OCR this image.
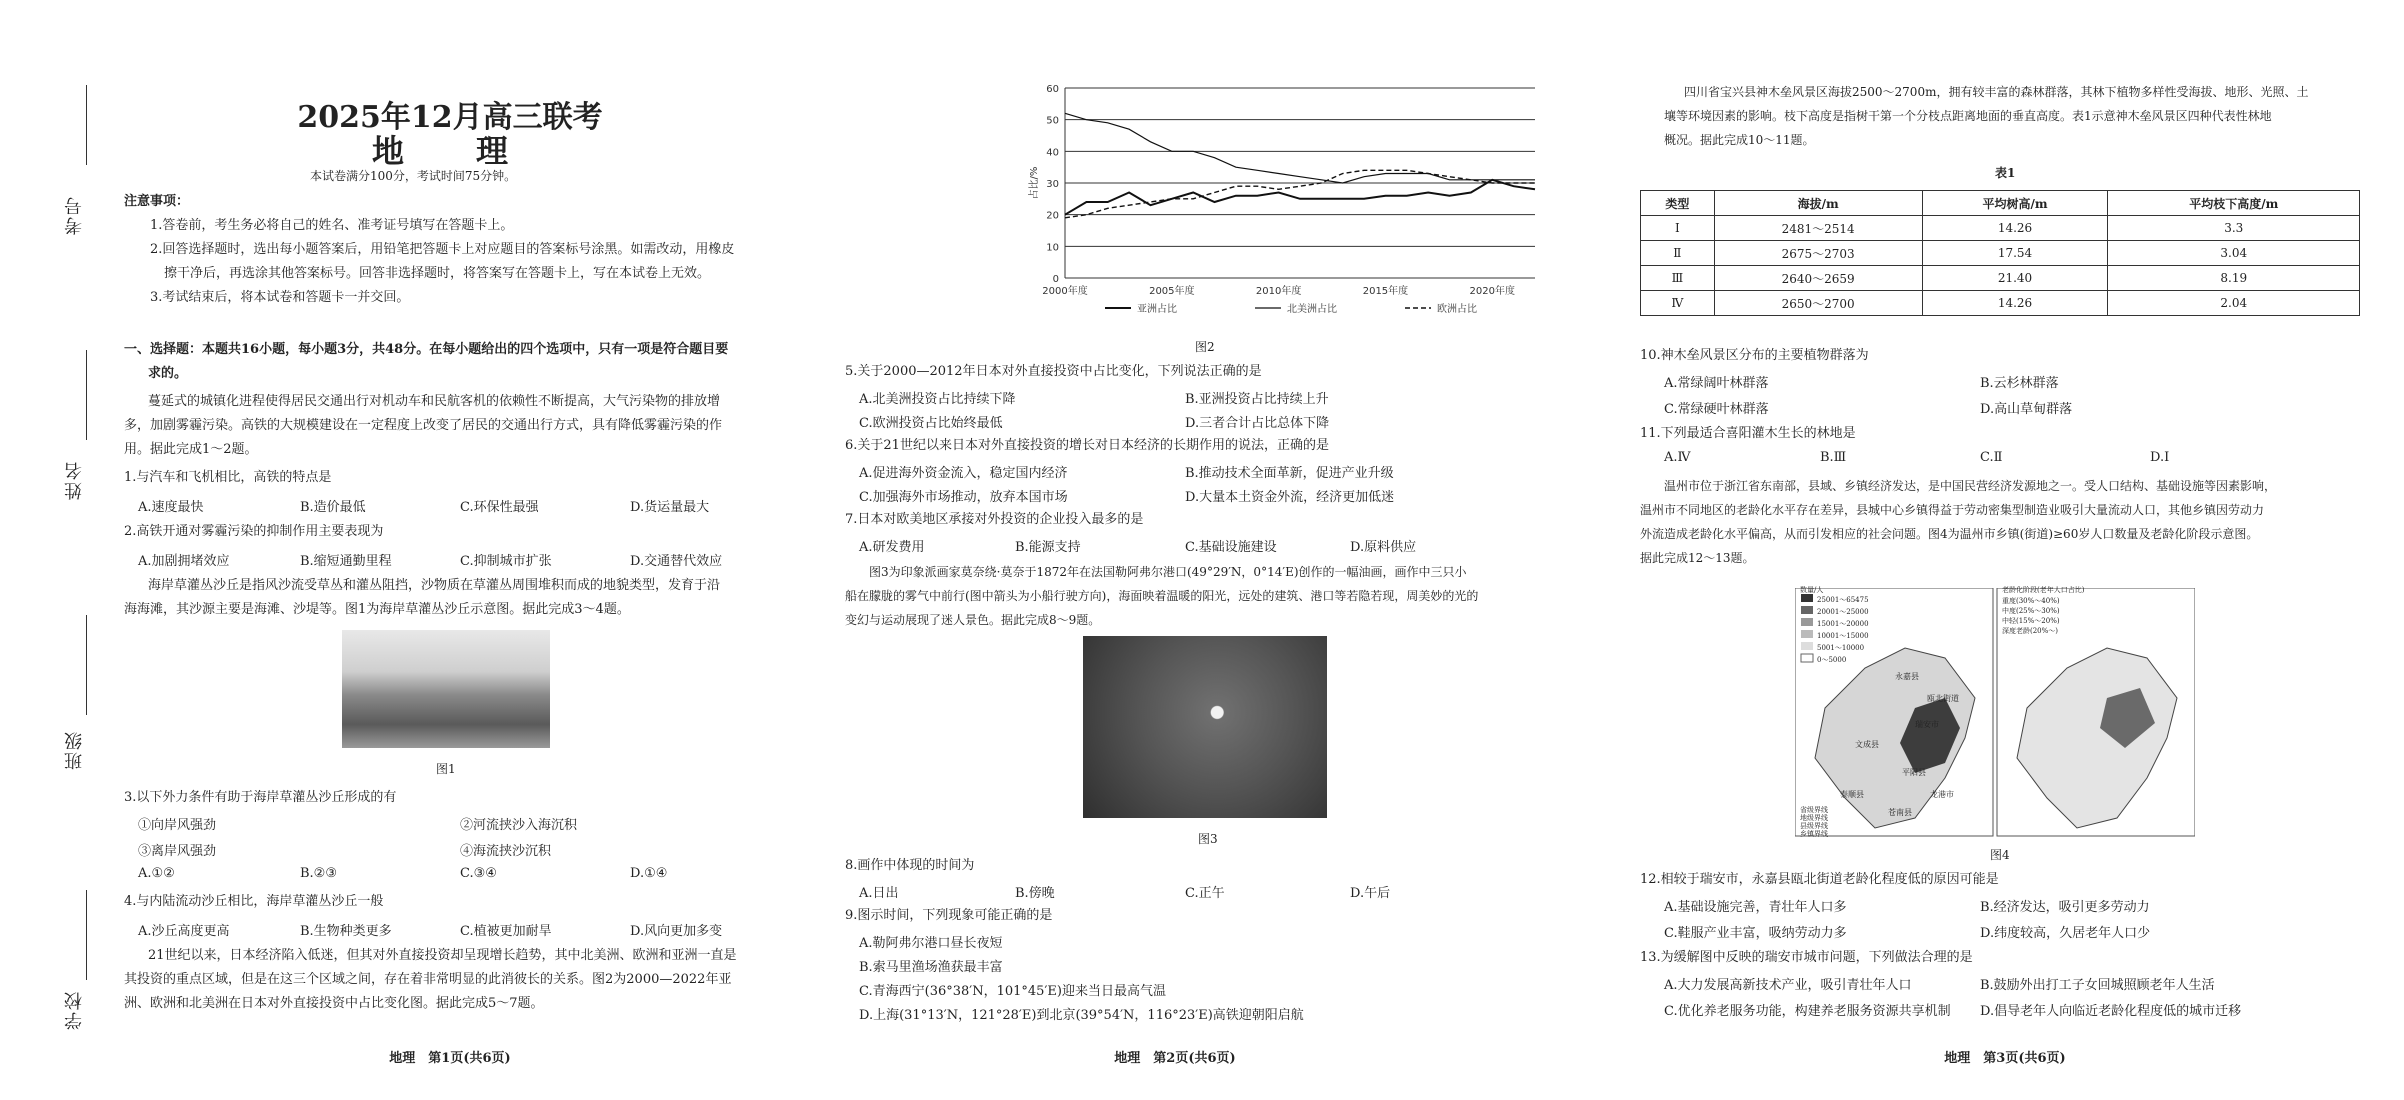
考号
姓名
班级
学校
2025年12月高三联考
地　理
本试卷满分100分，考试时间75分钟。
注意事项：
1.答卷前，考生务必将自己的姓名、准考证号填写在答题卡上。
2.回答选择题时，选出每小题答案后，用铅笔把答题卡上对应题目的答案标号涂黑。如需改动，用橡皮
擦干净后，再选涂其他答案标号。回答非选择题时，将答案写在答题卡上，写在本试卷上无效。
3.考试结束后，将本试卷和答题卡一并交回。
一、选择题：本题共16小题，每小题3分，共48分。在每小题给出的四个选项中，只有一项是符合题目要
求的。
蔓延式的城镇化进程使得居民交通出行对机动车和民航客机的依赖性不断提高，大气污染物的排放增
多，加剧雾霾污染。高铁的大规模建设在一定程度上改变了居民的交通出行方式，具有降低雾霾污染的作
用。据此完成1～2题。
1.与汽车和飞机相比，高铁的特点是
A.速度最快	B.造价最低	C.环保性最强	D.货运量最大
2.高铁开通对雾霾污染的抑制作用主要表现为
A.加剧拥堵效应	B.缩短通勤里程	C.抑制城市扩张	D.交通替代效应
海岸草灌丛沙丘是指风沙流受草丛和灌丛阻挡，沙物质在草灌丛周围堆积而成的地貌类型，发育于沿
海海滩，其沙源主要是海滩、沙堤等。图1为海岸草灌丛沙丘示意图。据此完成3～4题。
图1
3.以下外力条件有助于海岸草灌丛沙丘形成的有
①向岸风强劲	②河流挟沙入海沉积
③离岸风强劲	④海流挟沙沉积
A.①②	B.②③	C.③④	D.①④
4.与内陆流动沙丘相比，海岸草灌丛沙丘一般
A.沙丘高度更高	B.生物种类更多	C.植被更加耐旱	D.风向更加多变
21世纪以来，日本经济陷入低迷，但其对外直接投资却呈现增长趋势，其中北美洲、欧洲和亚洲一直是
其投资的重点区域，但是在这三个区域之间，存在着非常明显的此消彼长的关系。图2为2000—2022年亚
洲、欧洲和北美洲在日本对外直接投资中占比变化图。据此完成5～7题。
地理　第1页(共6页)
0
10
20
30
40
50
60
2000年度	2005年度	2010年度	2015年度	2020年度
占比/%
亚洲占比	北美洲占比	欧洲占比
图2
5.关于2000—2012年日本对外直接投资中占比变化，下列说法正确的是
A.北美洲投资占比持续下降	B.亚洲投资占比持续上升
C.欧洲投资占比始终最低	D.三者合计占比总体下降
6.关于21世纪以来日本对外直接投资的增长对日本经济的长期作用的说法，正确的是
A.促进海外资金流入，稳定国内经济	B.推动技术全面革新，促进产业升级
C.加强海外市场推动，放弃本国市场	D.大量本土资金外流，经济更加低迷
7.日本对欧美地区承接对外投资的企业投入最多的是
A.研发费用	B.能源支持	C.基础设施建设	D.原料供应
图3为印象派画家莫奈绕·莫奈于1872年在法国勒阿弗尔港口(49°29′N，0°14′E)创作的一幅油画，画作中三只小
船在朦胧的雾气中前行(图中箭头为小船行驶方向)，海面映着温暖的阳光，远处的建筑、港口等若隐若现，周美妙的光的
变幻与运动展现了迷人景色。据此完成8～9题。
图3
8.画作中体现的时间为
A.日出	B.傍晚	C.正午	D.午后
9.图示时间，下列现象可能正确的是
A.勒阿弗尔港口昼长夜短
B.索马里渔场渔获最丰富
C.青海西宁(36°38′N，101°45′E)迎来当日最高气温
D.上海(31°13′N，121°28′E)到北京(39°54′N，116°23′E)高铁迎朝阳启航
地理　第2页(共6页)
四川省宝兴县神木垒风景区海拔2500～2700m，拥有较丰富的森林群落，其林下植物多样性受海拔、地形、光照、土
壤等环境因素的影响。枝下高度是指树干第一个分枝点距离地面的垂直高度。表1示意神木垒风景区四种代表性林地
概况。据此完成10～11题。
表1
类型	海拔/m	平均树高/m	平均枝下高度/m
Ⅰ	2481～2514	14.26	3.3
Ⅱ	2675～2703	17.54	3.04
Ⅲ	2640～2659	21.40	8.19
Ⅳ	2650～2700	14.26	2.04
10.神木垒风景区分布的主要植物群落为
A.常绿阔叶林群落	B.云杉林群落
C.常绿硬叶林群落	D.高山草甸群落
11.下列最适合喜阳灌木生长的林地是
A.Ⅳ	B.Ⅲ	C.Ⅱ	D.Ⅰ
温州市位于浙江省东南部，县域、乡镇经济发达，是中国民营经济发源地之一。受人口结构、基础设施等因素影响，
温州市不同地区的老龄化水平存在差异，县城中心乡镇得益于劳动密集型制造业吸引大量流动人口，其他乡镇因劳动力
外流造成老龄化水平偏高，从而引发相应的社会问题。图4为温州市乡镇(街道)≥60岁人口数量及老龄化阶段示意图。
据此完成12～13题。
数量/人
25001～65475
20001～25000
15001～20000
10001～15000
5001～10000
0～5000
老龄化阶段(老年人口占比)
重度(30%～40%)
中度(25%～30%)
中轻(15%～20%)
深度老龄(20%～)
永嘉县
瑞安市
文成县
泰顺县
平阳县
苍南县
龙港市
瓯北街道
省级界线
地级界线
县级界线
乡镇界线
图4
12.相较于瑞安市，永嘉县瓯北街道老龄化程度低的原因可能是
A.基础设施完善，青壮年人口多	B.经济发达，吸引更多劳动力
C.鞋服产业丰富，吸纳劳动力多	D.纬度较高，久居老年人口少
13.为缓解图中反映的瑞安市城市问题，下列做法合理的是
A.大力发展高新技术产业，吸引青壮年人口	B.鼓励外出打工子女回城照顾老年人生活
C.优化养老服务功能，构建养老服务资源共享机制 D.倡导老年人向临近老龄化程度低的城市迁移
地理　第3页(共6页)
